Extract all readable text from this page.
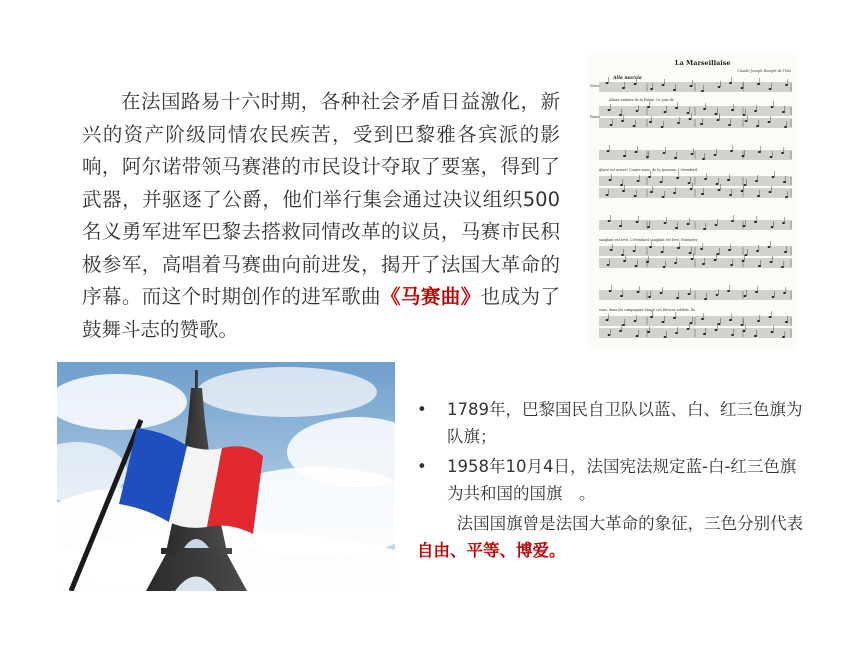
在法国路易十六时期，各种社会矛盾日益激化，新兴的资产阶级同情农民疾苦，受到巴黎雅各宾派的影响，阿尔诺带领马赛港的市民设计夺取了要塞，得到了武器，并驱逐了公爵，他们举行集会通过决议组织500名义勇军进军巴黎去搭救同情改革的议员，马赛市民积极参军，高唱着马赛曲向前进发，揭开了法国大革命的序幕。而这个时期创作的进军歌曲《马赛曲》也成为了鼓舞斗志的赞歌。

La Marseillaise
Claude-Joseph Rouget de l'Isle
Alla marcia
Voice
Piano
Allons enfants de la Patrie, Le jour de
gloire est arrivé! Contre nous, de la tyrannie, L'étendard
sanglant est levé, L'étendard sanglant est levé. Entendez
vous, dans les campagnes Mugir ces féroces soldats. Ils
• 1789年，巴黎国民自卫队以蓝、白、红三色旗为队旗；
• 1958年10月4日，法国宪法规定蓝-白-红三色旗为共和国的国旗　。

法国国旗曾是法国大革命的象征，三色分别代表自由、平等、博爱。
